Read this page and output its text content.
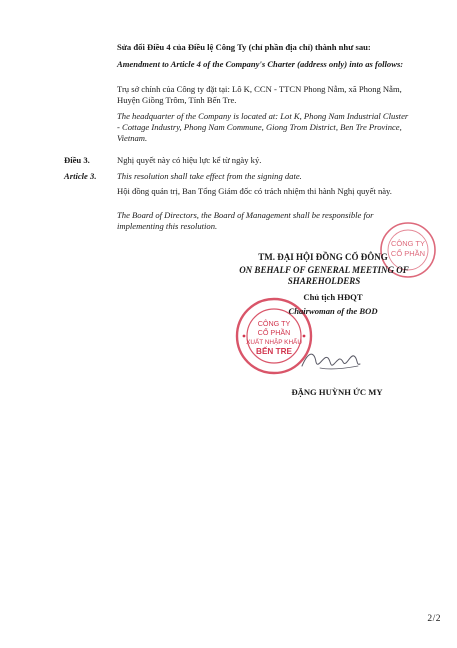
Sửa đổi Điều 4 của Điều lệ Công Ty (chỉ phần địa chỉ) thành như sau:
Amendment to Article 4 of the Company's Charter (address only) into as follows:
Trụ sở chính của Công ty đặt tại: Lô K, CCN - TTCN Phong Nẫm, xã Phong Nẫm, Huyện Giồng Trôm, Tỉnh Bến Tre.
The headquarter of the Company is located at: Lot K, Phong Nam Industrial Cluster - Cottage Industry, Phong Nam Commune, Giong Trom District, Ben Tre Province, Vietnam.
Điều 3.	Nghị quyết này có hiệu lực kể từ ngày ký.
Article 3. This resolution shall take effect from the signing date.
Hội đồng quản trị, Ban Tổng Giám đốc có trách nhiệm thi hành Nghị quyết này.
The Board of Directors, the Board of Management shall be responsible for implementing this resolution.
CÔNG TY
CỔ PHẦN
TM. ĐẠI HỘI ĐỒNG CỔ ĐÔNG
ON BEHALF OF GENERAL MEETING OF SHAREHOLDERS
CÔNG TY
CỔ PHẦN
XUẤT NHẬP KHẨU
BẾN TRE
Chủ tịch HĐQT
Chairwoman of the BOD
ĐẶNG HUỲNH ỨC MY
2/2
